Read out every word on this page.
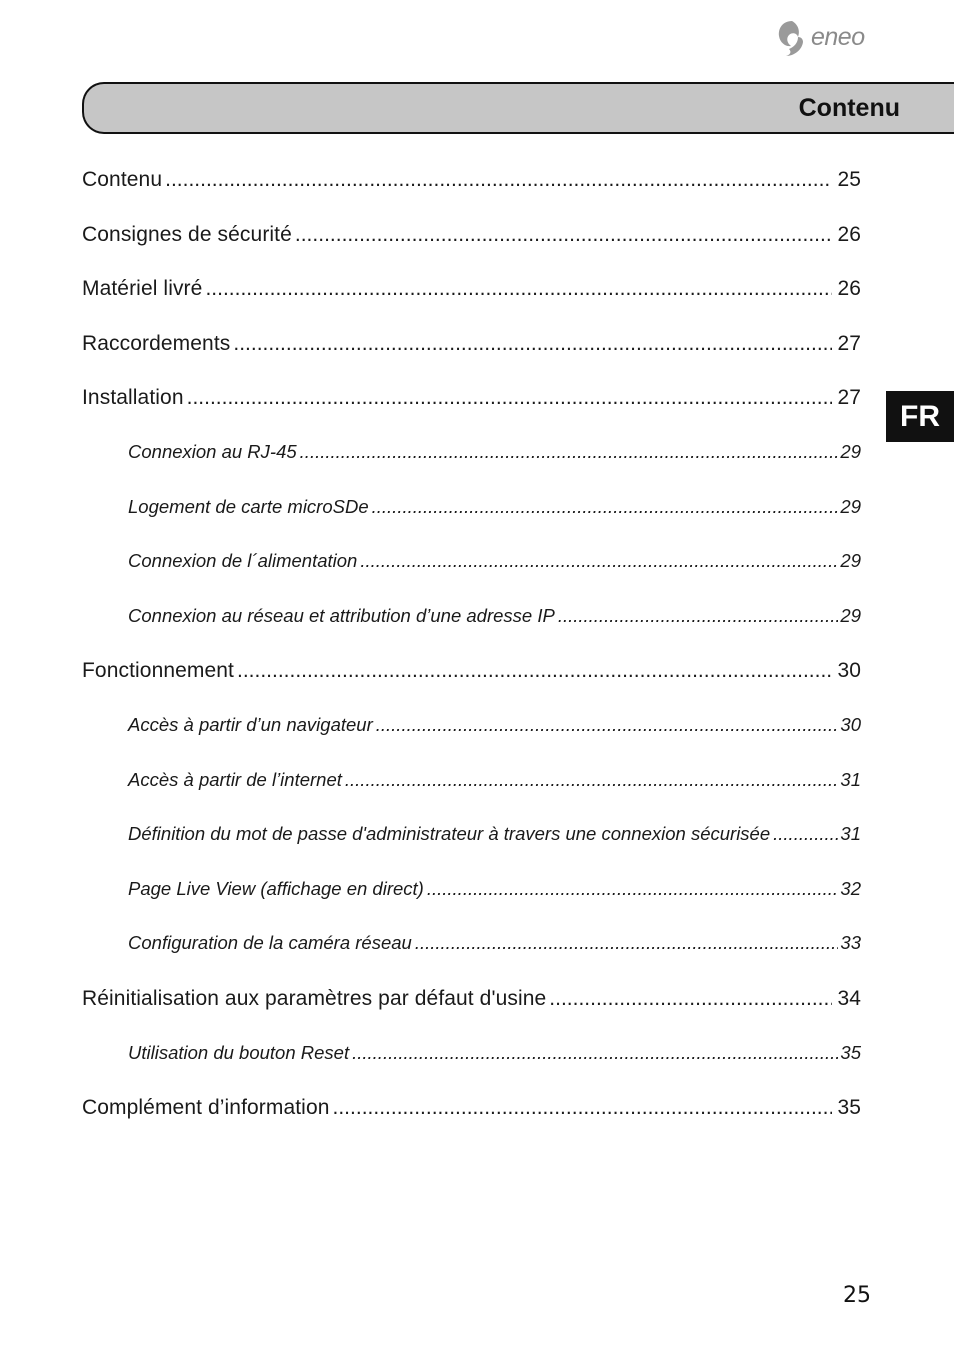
eneo
Contenu
FR
Contenu .....	25
Consignes de sécurité .....	26
Matériel livré .....	26
Raccordements .....	27
Installation .....	27
Connexion au RJ-45 .....	29
Logement de carte microSDe .....	29
Connexion de l´alimentation .....	29
Connexion au réseau et attribution d’une adresse IP .....	29
Fonctionnement .....	30
Accès à partir d’un navigateur .....	30
Accès à partir de l’internet .....	31
Définition du mot de passe d'administrateur à travers une connexion sécurisée .....	31
Page Live View (affichage en direct) .....	32
Configuration de la caméra réseau .....	33
Réinitialisation aux paramètres par défaut d'usine .....	34
Utilisation du bouton Reset .....	35
Complément d’information .....	35
25
